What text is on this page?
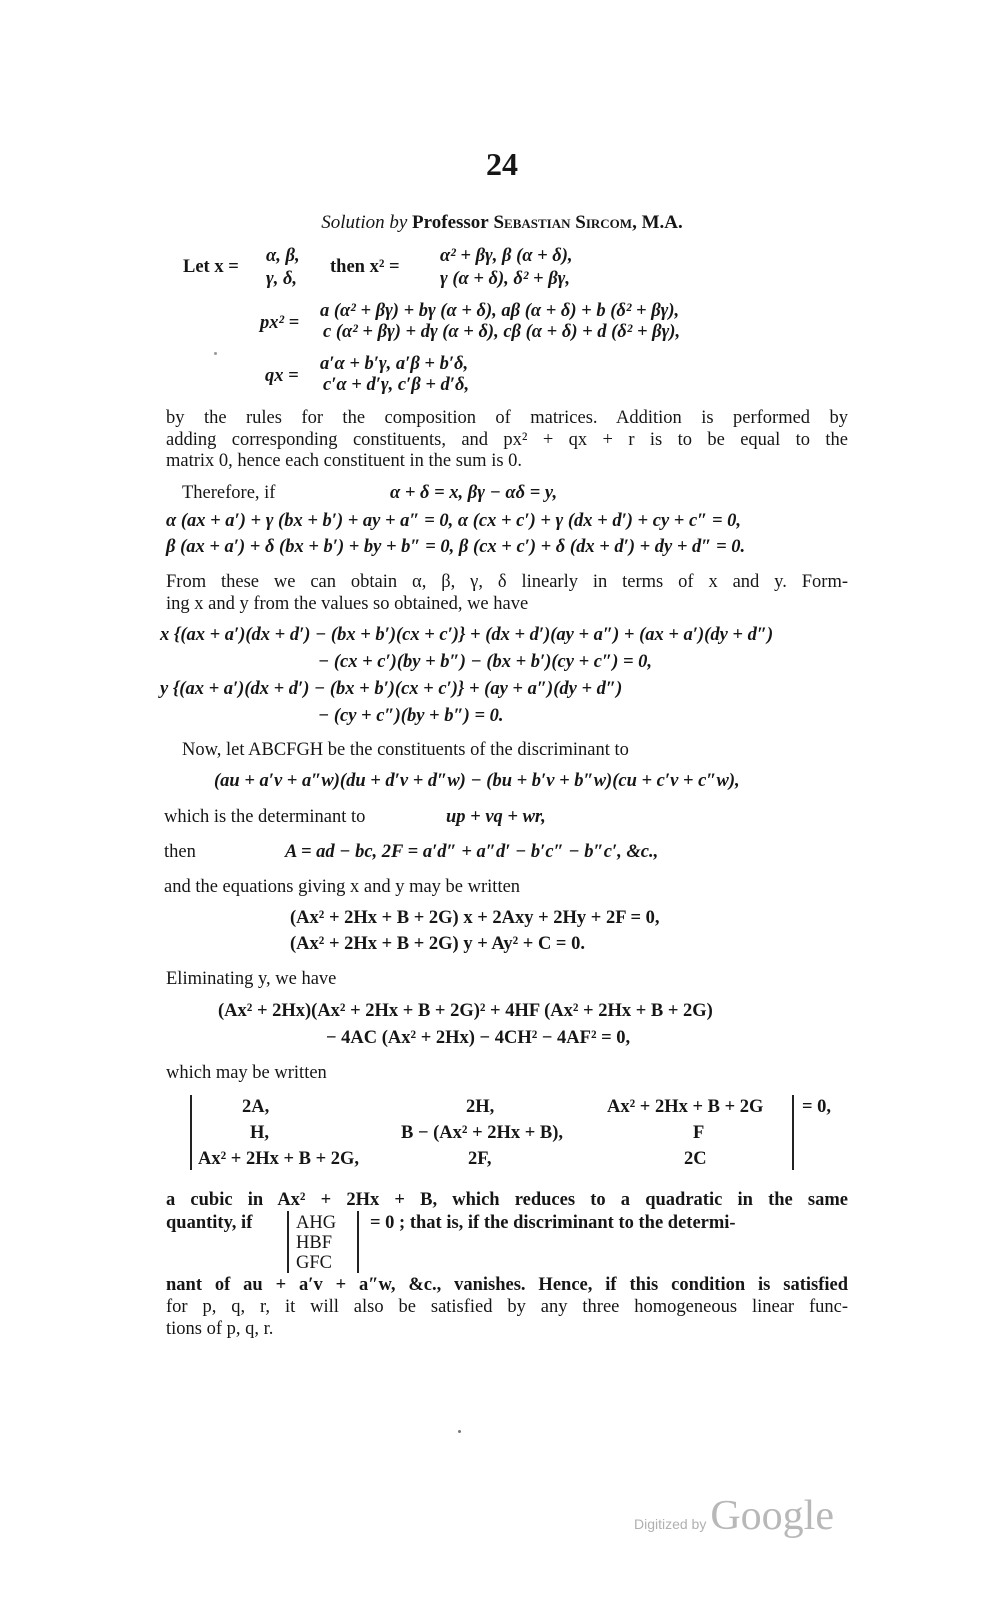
24
Solution by Professor Sebastian Sircom, M.A.
Let x =
α, β,
γ, δ,
then x² =
α² + βγ, β (α + δ),
γ (α + δ), δ² + βγ,
px² =
a (α² + βγ) + bγ (α + δ), aβ (α + δ) + b (δ² + βγ),
c (α² + βγ) + dγ (α + δ), cβ (α + δ) + d (δ² + βγ),
qx =
a′α + b′γ, a′β + b′δ,
c′α + d′γ, c′β + d′δ,
by the rules for the composition of matrices. Addition is performed by
adding corresponding constituents, and px² + qx + r is to be equal to the
matrix 0, hence each constituent in the sum is 0.
Therefore, if	α + δ = x, βγ − αδ = y,
α (ax + a′) + γ (bx + b′) + ay + a″ = 0, α (cx + c′) + γ (dx + d′) + cy + c″ = 0,
β (ax + a′) + δ (bx + b′) + by + b″ = 0, β (cx + c′) + δ (dx + d′) + dy + d″ = 0.
From these we can obtain α, β, γ, δ linearly in terms of x and y. Form-
ing x and y from the values so obtained, we have
x {(ax + a′)(dx + d′) − (bx + b′)(cx + c′)} + (dx + d′)(ay + a″) + (ax + a′)(dy + d″)
− (cx + c′)(by + b″) − (bx + b′)(cy + c″) = 0,
y {(ax + a′)(dx + d′) − (bx + b′)(cx + c′)} + (ay + a″)(dy + d″)
− (cy + c″)(by + b″) = 0.
Now, let ABCFGH be the constituents of the discriminant to
(au + a′v + a″w)(du + d′v + d″w) − (bu + b′v + b″w)(cu + c′v + c″w),
which is the determinant to	up + vq + wr,
then	A = ad − bc, 2F = a′d″ + a″d′ − b′c″ − b″c′, &c.,
and the equations giving x and y may be written
(Ax² + 2Hx + B + 2G) x + 2Axy + 2Hy + 2F = 0,
(Ax² + 2Hx + B + 2G) y + Ay² + C = 0.
Eliminating y, we have
(Ax² + 2Hx)(Ax² + 2Hx + B + 2G)² + 4HF (Ax² + 2Hx + B + 2G)
− 4AC (Ax² + 2Hx) − 4CH² − 4AF² = 0,
which may be written
2A,	2H,	Ax² + 2Hx + B + 2G = 0,
H,	B − (Ax² + 2Hx + B),	F
Ax² + 2Hx + B + 2G,	2F,	2C
a cubic in Ax² + 2Hx + B, which reduces to a quadratic in the same
quantity, if AHG
HBF
GFC
= 0 ; that is, if the discriminant to the determi-
nant of au + a′v + a″w, &c., vanishes. Hence, if this condition is satisfied
for p, q, r, it will also be satisfied by any three homogeneous linear func-
tions of p, q, r.
Digitized byGoogle
